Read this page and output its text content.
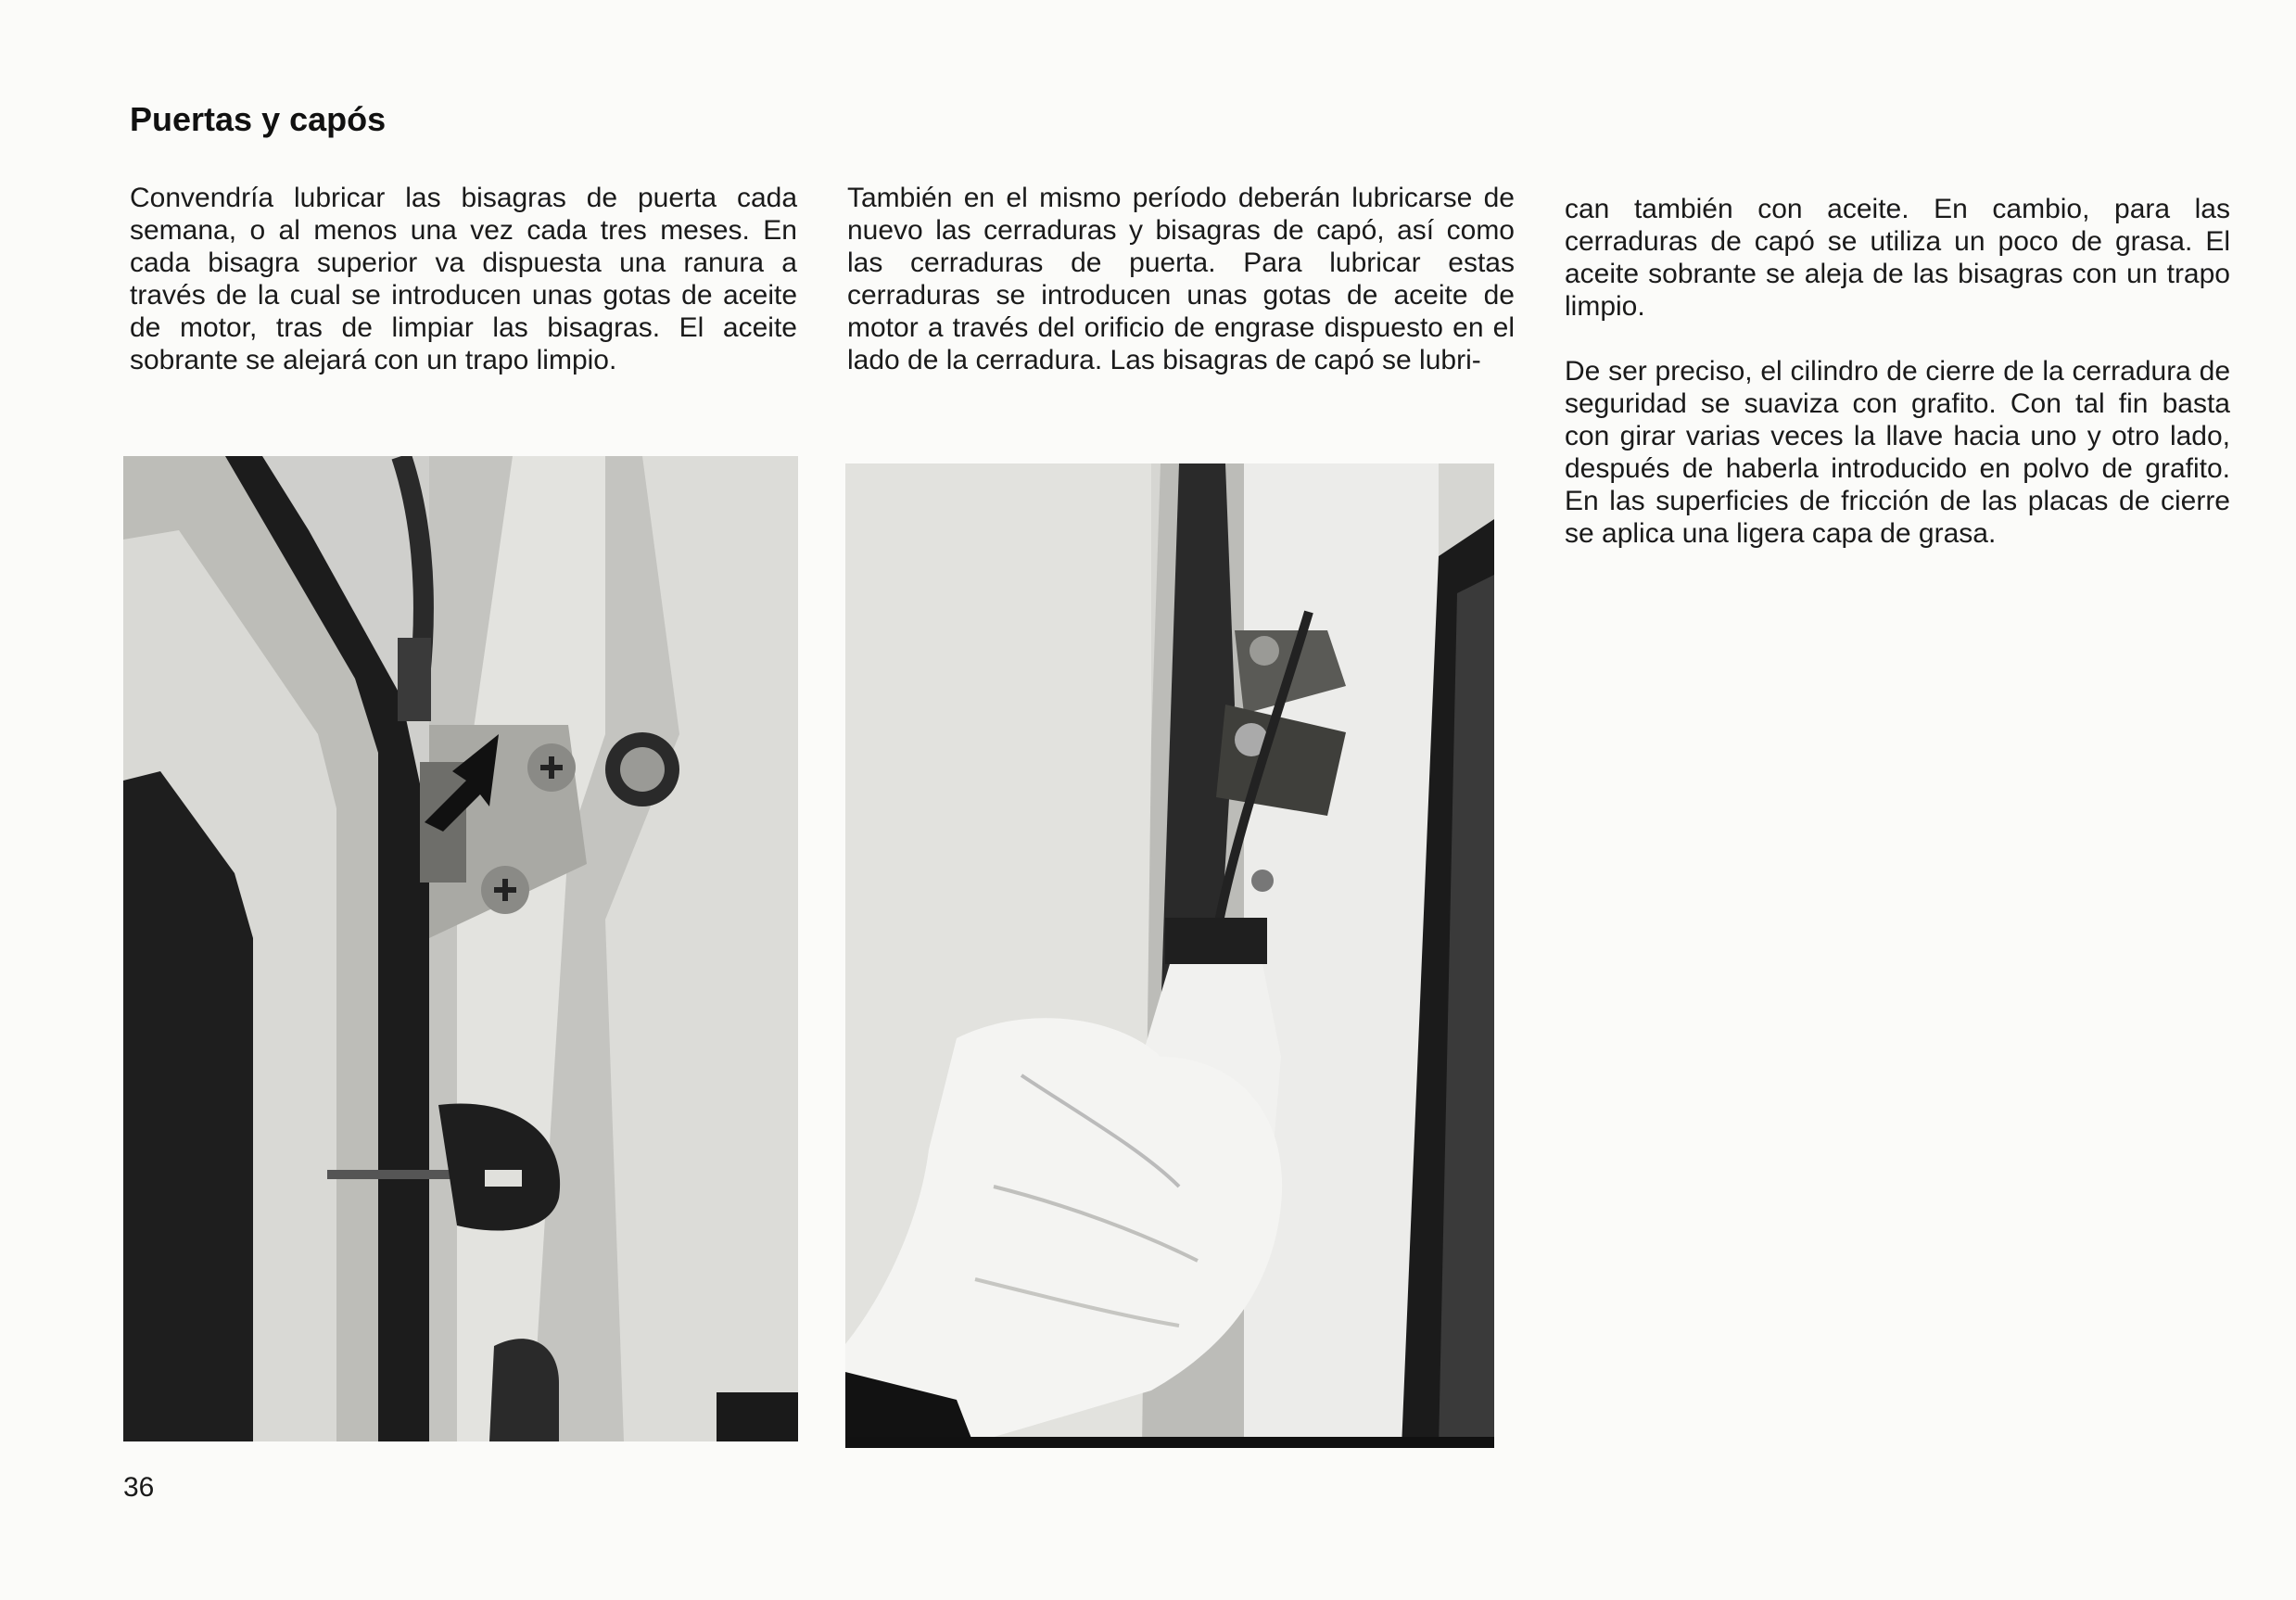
Puertas y capós

Convendría lubricar las bisagras de puerta cada semana, o al menos una vez cada tres meses. En cada bisagra superior va dispuesta una ranura a través de la cual se introducen unas gotas de aceite de motor, tras de limpiar las bisagras. El aceite sobrante se alejará con un trapo limpio.

También en el mismo período deberán lubricarse de nuevo las cerraduras y bisagras de capó, así como las cerraduras de puerta. Para lubricar estas cerraduras se introducen unas gotas de aceite de motor a través del orificio de engrase dispuesto en el lado de la cerradura. Las bisagras de capó se lubri-

can también con aceite. En cambio, para las cerraduras de capó se utiliza un poco de grasa. El aceite sobrante se aleja de las bisagras con un trapo limpio.

De ser preciso, el cilindro de cierre de la cerradura de seguridad se suaviza con grafito. Con tal fin basta con girar varias veces la llave hacia uno y otro lado, después de haberla introducido en polvo de grafito. En las superficies de fricción de las placas de cierre se aplica una ligera capa de grasa.

36
